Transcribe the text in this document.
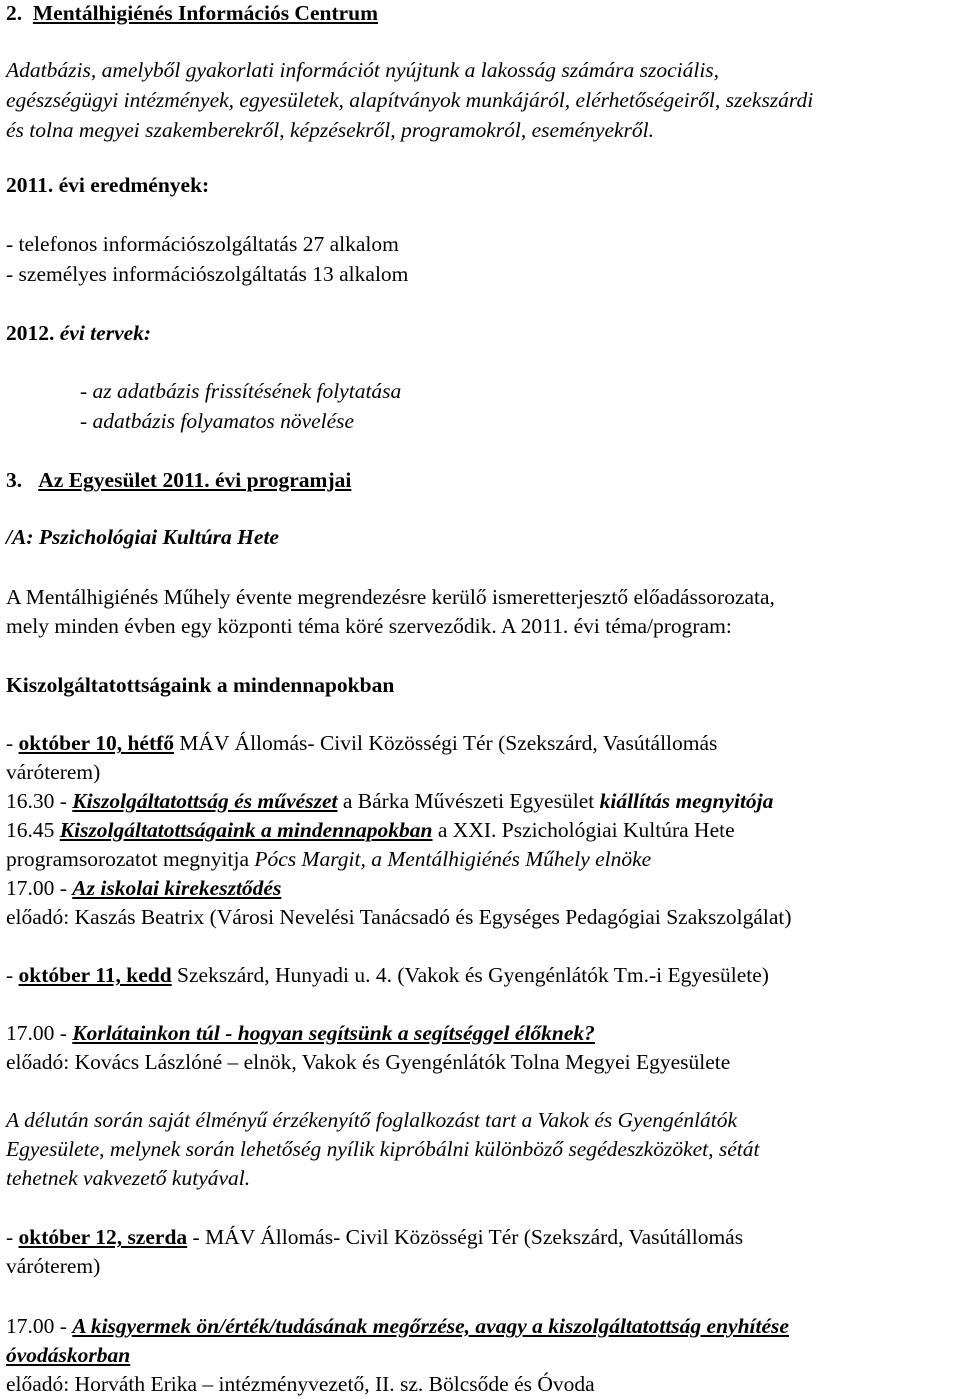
2. Mentálhigiénés Információs Centrum
Adatbázis, amelyből gyakorlati információt nyújtunk a lakosság számára szociális,
egészségügyi intézmények, egyesületek, alapítványok munkájáról, elérhetőségeiről, szekszárdi
és tolna megyei szakemberekről, képzésekről, programokról, eseményekről.
2011. évi eredmények:
- telefonos információszolgáltatás 27 alkalom
- személyes információszolgáltatás 13 alkalom
2012. évi tervek:
- az adatbázis frissítésének folytatása
- adatbázis folyamatos növelése
3. Az Egyesület 2011. évi programjai
/A: Pszichológiai Kultúra Hete
A Mentálhigiénés Műhely évente megrendezésre kerülő ismeretterjesztő előadássorozata,
mely minden évben egy központi téma köré szerveződik. A 2011. évi téma/program:
Kiszolgáltatottságaink a mindennapokban
- október 10, hétfő MÁV Állomás- Civil Közösségi Tér (Szekszárd, Vasútállomás
váróterem)
16.30 - Kiszolgáltatottság és művészet a Bárka Művészeti Egyesület kiállítás megnyitója
16.45 Kiszolgáltatottságaink a mindennapokban a XXI. Pszichológiai Kultúra Hete
programsorozatot megnyitja Pócs Margit, a Mentálhigiénés Műhely elnöke
17.00 - Az iskolai kirekesztődés
előadó: Kaszás Beatrix (Városi Nevelési Tanácsadó és Egységes Pedagógiai Szakszolgálat)
- október 11, kedd Szekszárd, Hunyadi u. 4. (Vakok és Gyengénlátók Tm.-i Egyesülete)
17.00 - Korlátainkon túl - hogyan segítsünk a segítséggel élőknek?
előadó: Kovács Lászlóné – elnök, Vakok és Gyengénlátók Tolna Megyei Egyesülete
A délután során saját élményű érzékenyítő foglalkozást tart a Vakok és Gyengénlátók
Egyesülete, melynek során lehetőség nyílik kipróbálni különböző segédeszközöket, sétát
tehetnek vakvezető kutyával.
- október 12, szerda - MÁV Állomás- Civil Közösségi Tér (Szekszárd, Vasútállomás
váróterem)
17.00 - A kisgyermek ön/érték/tudásának megőrzése, avagy a kiszolgáltatottság enyhítése
óvodáskorban
előadó: Horváth Erika – intézményvezető, II. sz. Bölcsőde és Óvoda
